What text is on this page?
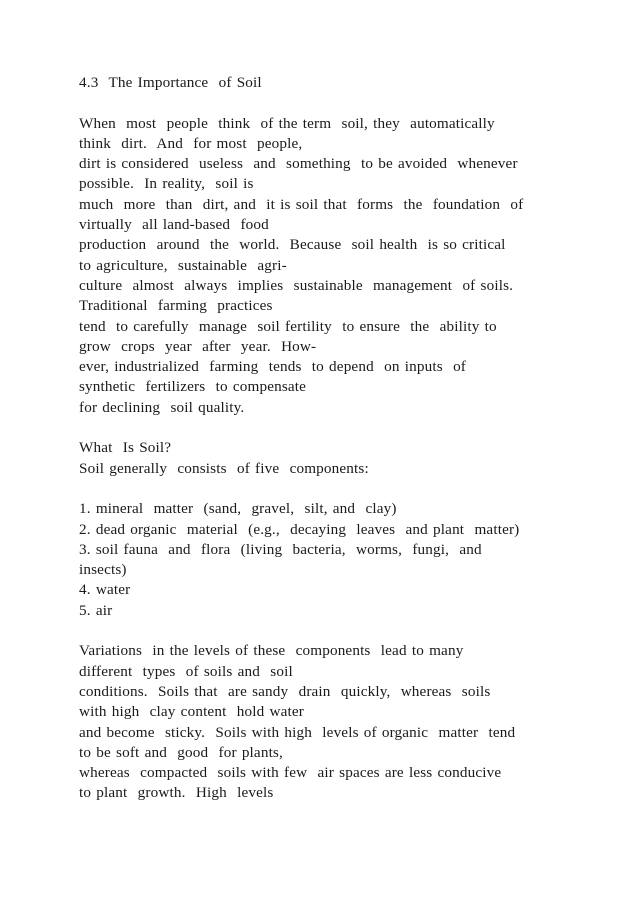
4.3  The Importance  of Soil
When  most  people  think  of the term  soil, they  automatically
think  dirt.  And  for most  people,
dirt is considered  useless  and  something  to be avoided  whenever
possible.  In reality,  soil is
much  more  than  dirt, and  it is soil that  forms  the  foundation  of
virtually  all land-based  food
production  around  the  world.  Because  soil health  is so critical
to agriculture,  sustainable  agri-
culture  almost  always  implies  sustainable  management  of soils.
Traditional  farming  practices
tend  to carefully  manage  soil fertility  to ensure  the  ability to
grow  crops  year  after  year.  How-
ever, industrialized  farming  tends  to depend  on inputs  of
synthetic  fertilizers  to compensate
for declining  soil quality.
What  Is Soil?
Soil generally  consists  of five  components:
1. mineral  matter  (sand,  gravel,  silt, and  clay)
2. dead organic  material  (e.g.,  decaying  leaves  and plant  matter)
3. soil fauna  and  flora  (living  bacteria,  worms,  fungi,  and
insects)
4. water
5. air
Variations  in the levels of these  components  lead to many
different  types  of soils and  soil
conditions.  Soils that  are sandy  drain  quickly,  whereas  soils
with high  clay content  hold water
and become  sticky.  Soils with high  levels of organic  matter  tend
to be soft and  good  for plants,
whereas  compacted  soils with few  air spaces are less conducive
to plant  growth.  High  levels
